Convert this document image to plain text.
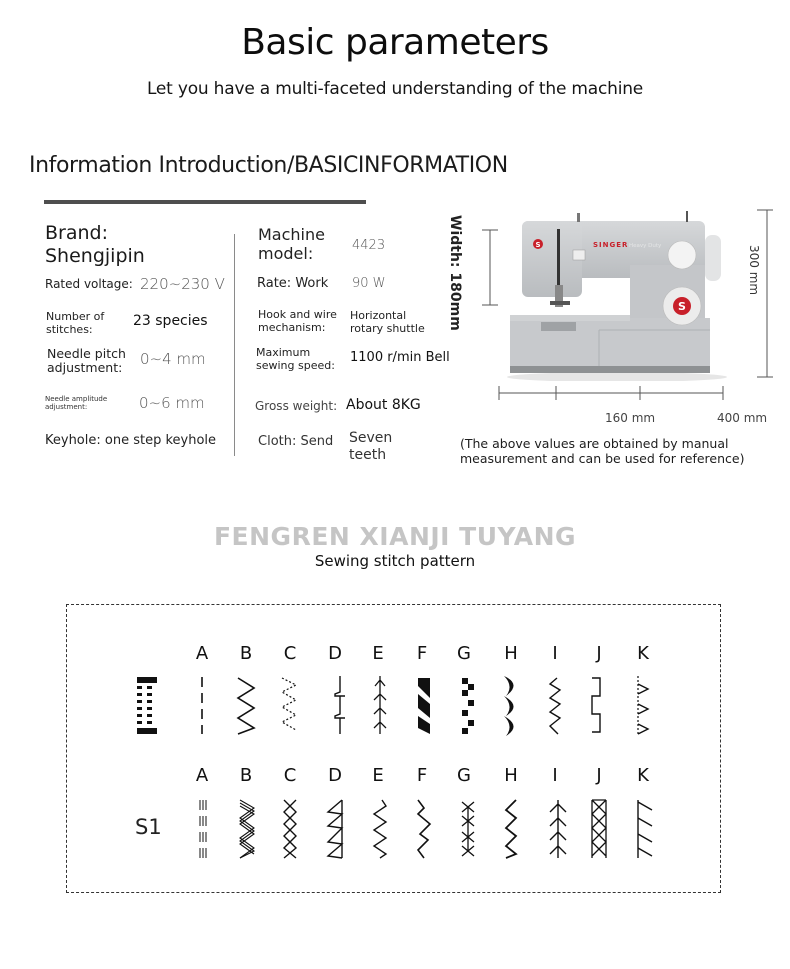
Basic parameters
Let you have a multi-faceted understanding of the machine
Information Introduction/BASICINFORMATION
Brand:
Shengjipin
Rated voltage: 220~230 V
Number of
stitches:
23 species
Needle pitch
adjustment: 0~4 mm
Needle amplitude
adjustment:	0~6 mm
Keyhole: one step keyhole
Machine
model:	4423
Rate: Work 90 W
Hook and wire
mechanism:
Horizontal
rotary shuttle
Maximum
sewing speed:
1100 r/min Bell
Gross weight: About 8KG
Cloth: Send Seven
teeth
Width: 180mm	300 mm
160 mm	400 mm
(The above values are obtained by manual
measurement and can be used for reference)
S	SINGER Heavy Duty
S
FENGREN XIANJI TUYANG
Sewing stitch pattern
A	B	C	D	E	F	G	H	I	J	K
A	B	C	D	E	F	G	H	I	J	K
S1
